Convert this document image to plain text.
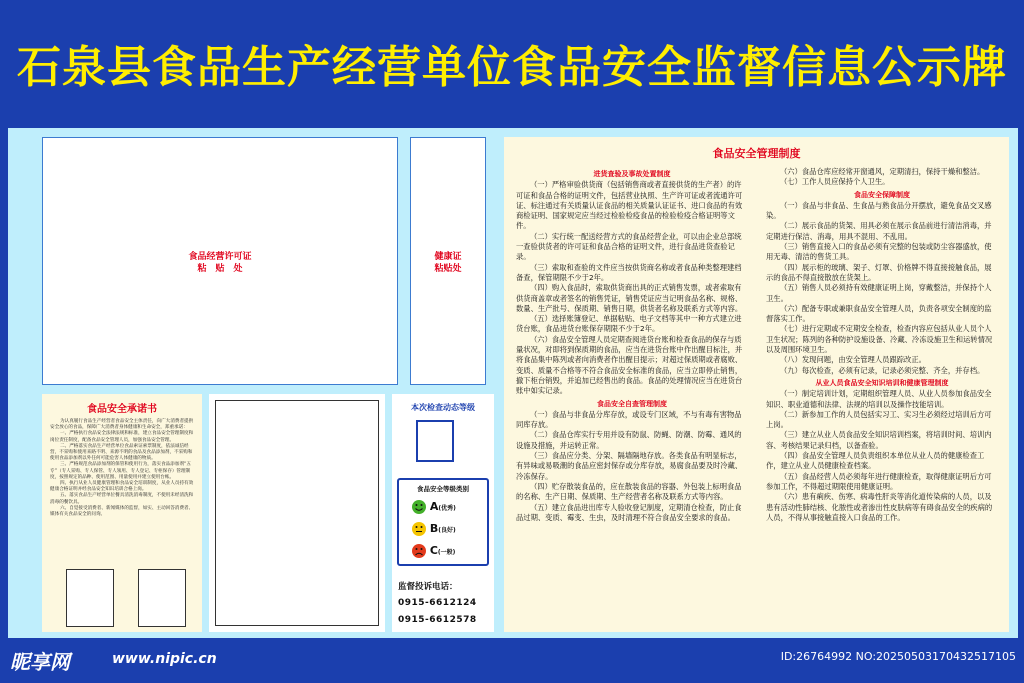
石泉县食品生产经营单位食品安全监督信息公示牌
食品经营许可证
粘　贴　处
健康证
粘贴处
食品安全承诺书
为认真履行食品生产经营者食品安全主体责任，向广大消费者提供安全放心的食品，保障广大消费者身体健康和生命安全，郑重承诺：
一、严格执行食品安全法律法规和标准，建立食品安全管理制度和岗位责任制度，配备食品安全管理人员，加强食品安全管理。
二、严格落实食品生产经营单位食品索证索票制度，依法诚信经营，不采购和使用来路不明、来源不明的食品及食品添加剂，不采购和使用食品添加剂以外任何可能危害人体健康的物质。
三、严格规范食品添加剂的保管和使用行为，落实食品添加剂“五专”（专人采购、专人保管、专人领用、专人登记、专柜保存）管理制度，按照规定的品种、使用范围、用量使用并建立使用台帐。
四、执行从业人员健康管理和食品安全培训制度，从业人员持有效健康合格证明并经食品安全知识培训合格上岗。
五、落实食品生产经营单位餐具清洗消毒制度，不使用未经清洗和消毒的餐饮具。
六、自觉接受消费者、新闻媒体的监督，如实、主动回答消费者、媒体有关食品安全的问询。
本次检查动态等级
食品安全等级类别
监督投诉电话：
0915-6612124
0915-6612578
A(优秀)
B(良好)
C(一般)
食品安全管理制度
进货查验及事故处置制度

（一）严格审验供货商（包括销售商或者直接供货的生产者）的许可证和食品合格的证明文件，包括营业执照、生产许可证或者流通许可证、标注通过有关质量认证食品的相关质量认证证书、进口食品的有效商检证明、国家规定应当经过检验检疫食品的检验检疫合格证明等文件。

（二）实行统一配送经营方式的食品经营企业，可以由企业总部统一查验供货者的许可证和食品合格的证明文件，进行食品进货查验记录。

（三）索取和查验的文件应当按供货商名称或者食品种类整理建档备查，保管期限不少于2年。

（四）购入食品时，索取供货商出具的正式销售发票，或者索取有供货商盖章或者签名的销售凭证，销售凭证应当记明食品名称、规格、数量、生产批号、保质期、销售日期，供货者名称及联系方式等内容。

（五）选择账簿登记、单据粘贴、电子文档等其中一种方式建立进货台账，食品进货台账保存期限不少于2年。

（六）食品安全管理人员定期查阅进货台账和检查食品的保存与质量状况，对即将到保质期的食品，应当在进货台账中作出醒目标注，并将食品集中陈列或者向消费者作出醒目提示；对超过保质期或者腐败、变质、质量不合格等不符合食品安全标准的食品，应当立即停止销售，撤下柜台销毁，并追加已经售出的食品。食品的处理情况应当在进货台账中如实记录。

食品安全自查管理制度

（一）食品与非食品分库存放，或设专门区域，不与有毒有害物品同库存放。

（二）食品仓库实行专用并设有防鼠、防蝇、防潮、防霉、通风的设施及措施，并运转正常。

（三）食品应分类、分架、隔墙隔地存放。各类食品有明显标志，有异味或易吸潮的食品应密封保存或分库存放，易腐食品要及时冷藏、冷冻保存。

（四）贮存散装食品的，应在散装食品的容器、外包装上标明食品的名称、生产日期、保质期、生产经营者名称及联系方式等内容。

（五）建立食品进出库专人验收登记制度，定期清仓检查，防止食品过期、变质、霉变、生虫，及时清理不符合食品安全要求的食品。

（六）食品仓库应经常开窗通风，定期清扫，保持干燥和整洁。

（七）工作人员应保持个人卫生。

食品安全保障制度

（一）食品与非食品、生食品与熟食品分开摆放，避免食品交叉感染。

（二）展示食品的货架、用具必须在展示食品前进行清洁消毒，并定期进行保洁、消毒，用具不混用、不乱用。

（三）销售直接入口的食品必须有完整的包装或防尘容器盛放，使用无毒、清洁的售货工具。

（四）展示柜的玻璃、架子、灯罩、价格牌不得直接接触食品，展示的食品不得直接散放在货架上。

（五）销售人员必须持有效健康证明上岗，穿戴整洁，并保持个人卫生。

（六）配备专职或兼职食品安全管理人员，负责各项安全制度的监督落实工作。

（七）进行定期或不定期安全检查，检查内容应包括从业人员个人卫生状况；陈列的各种防护设施设备、冷藏、冷冻设施卫生和运转情况以及周围环境卫生。

（八）发现问题，由安全管理人员跟踪改正。

（九）每次检查，必须有记录，记录必须完整、齐全，并存档。

从业人员食品安全知识培训和健康管理制度

（一）制定培训计划，定期组织管理人员、从业人员参加食品安全知识、职业道德和法律、法规的培训以及操作技能培训。

（二）新参加工作的人员包括实习工、实习生必须经过培训后方可上岗。

（三）建立从业人员食品安全知识培训档案，将培训时间、培训内容、考核结果记录归档，以备查验。

（四）食品安全管理人员负责组织本单位从业人员的健康检查工作，建立从业人员健康检查档案。

（五）食品经营人员必须每年进行健康检查，取得健康证明后方可参加工作，不得超过期限使用健康证明。

（六）患有痢疾、伤寒、病毒性肝炎等消化道传染病的人员，以及患有活动性肺结核、化脓性或者渗出性皮肤病等有碍食品安全的疾病的人员，不得从事接触直接入口食品的工作。

昵享网	www.nipic.cn	ID:26764992 NO:20250503170432517105
